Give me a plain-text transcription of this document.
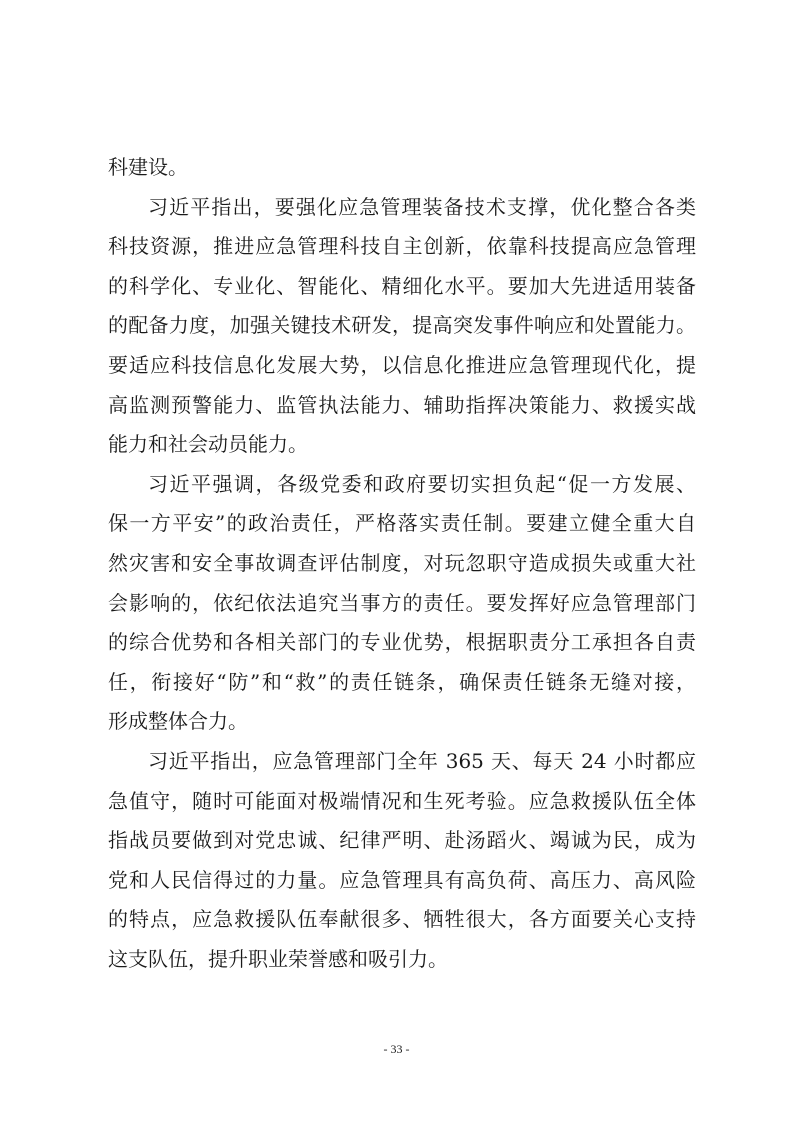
科建设。
习近平指出，要强化应急管理装备技术支撑，优化整合各类
科技资源，推进应急管理科技自主创新，依靠科技提高应急管理
的科学化、专业化、智能化、精细化水平。要加大先进适用装备
的配备力度，加强关键技术研发，提高突发事件响应和处置能力。
要适应科技信息化发展大势，以信息化推进应急管理现代化，提
高监测预警能力、监管执法能力、辅助指挥决策能力、救援实战
能力和社会动员能力。
习近平强调，各级党委和政府要切实担负起“促一方发展、
保一方平安”的政治责任，严格落实责任制。要建立健全重大自
然灾害和安全事故调查评估制度，对玩忽职守造成损失或重大社
会影响的，依纪依法追究当事方的责任。要发挥好应急管理部门
的综合优势和各相关部门的专业优势，根据职责分工承担各自责
任，衔接好“防”和“救”的责任链条，确保责任链条无缝对接，
形成整体合力。
习近平指出，应急管理部门全年 365 天、每天 24 小时都应
急值守，随时可能面对极端情况和生死考验。应急救援队伍全体
指战员要做到对党忠诚、纪律严明、赴汤蹈火、竭诚为民，成为
党和人民信得过的力量。应急管理具有高负荷、高压力、高风险
的特点，应急救援队伍奉献很多、牺牲很大，各方面要关心支持
这支队伍，提升职业荣誉感和吸引力。
- 33 -
